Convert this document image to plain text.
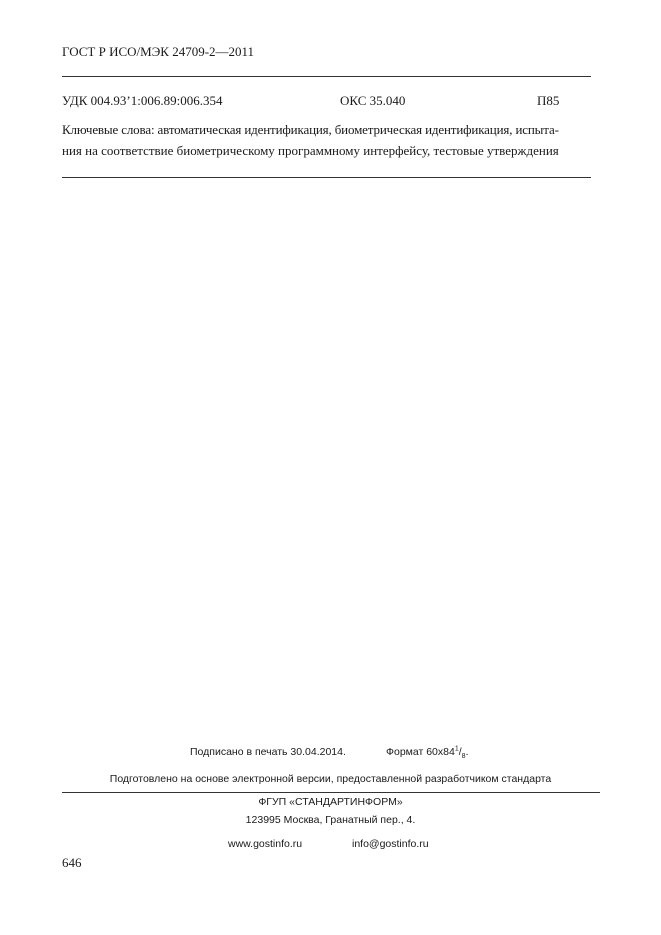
ГОСТ Р ИСО/МЭК 24709-2—2011
УДК 004.93’1:006.89:006.354	ОКС 35.040	П85
Ключевые слова: автоматическая идентификация, биометрическая идентификация, испыта-
ния на соответствие биометрическому программному интерфейсу, тестовые утверждения
Подписано в печать 30.04.2014.	Формат $60х84^1/_8$.
Подготовлено на основе электронной версии, предоставленной разработчиком стандарта
ФГУП «СТАНДАРТИНФОРМ»
123995 Москва, Гранатный пер., 4.
www.gostinfo.ru	info@gostinfo.ru
646
